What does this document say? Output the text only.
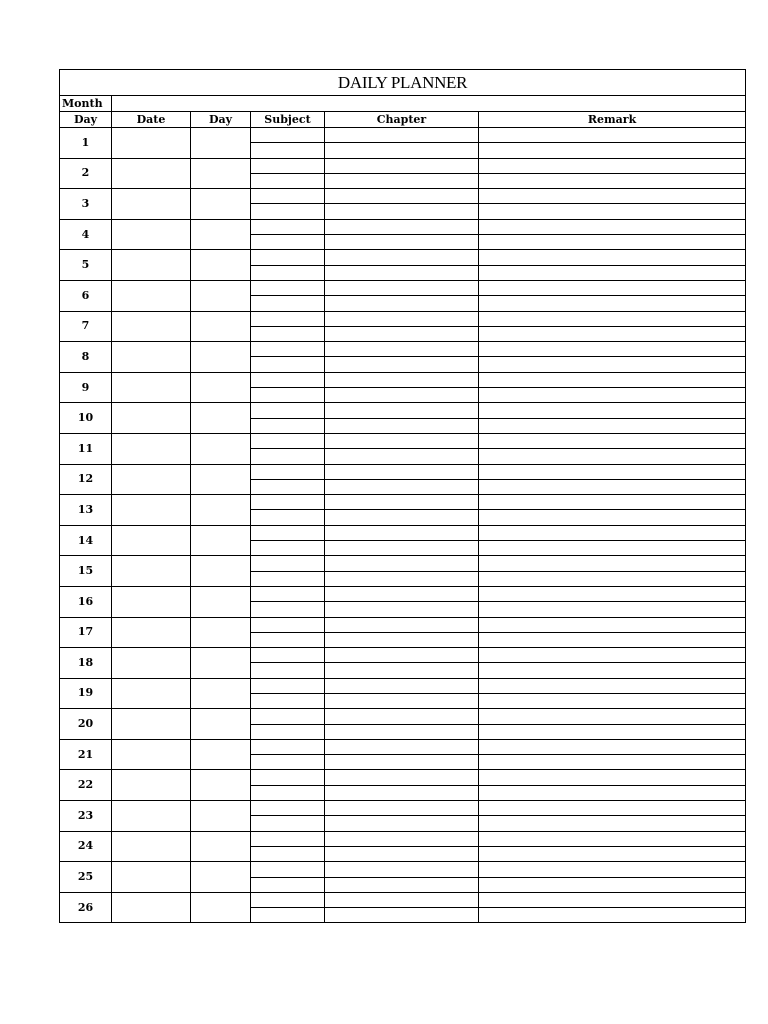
DAILY PLANNER					
Month					
Day	Date	Day	Subject	Chapter	Remark
1					

2					

3					

4					

5					

6					

7					

8					

9					

10					

11					

12					

13					

14					

15					

16					

17					

18					

19					

20					

21					

22					

23					

24					

25					

26					
